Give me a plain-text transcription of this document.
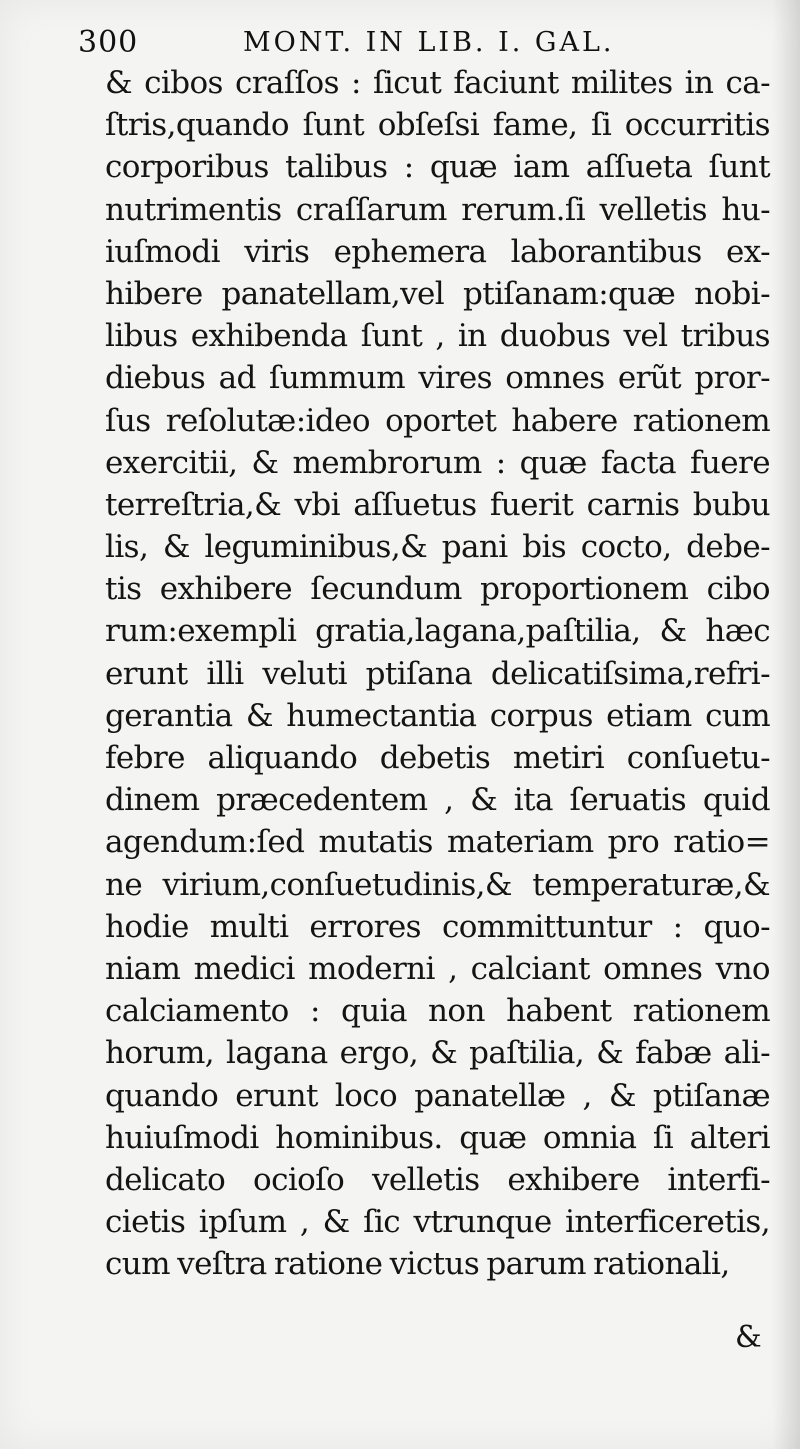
300	MONT. IN LIB. I. GAL.
& cibos craſſos : ſicut faciunt milites in ca-
ſtris,quando ſunt obſeſsi fame, ſi occurritis
corporibus talibus : quæ iam aſſueta ſunt
nutrimentis craſſarum rerum.ſi velletis hu-
iuſmodi viris ephemera laborantibus ex-
hibere panatellam,vel ptiſanam:quæ nobi-
libus exhibenda ſunt , in duobus vel tribus
diebus ad ſummum vires omnes erũt pror-
ſus reſolutæ:ideo oportet habere rationem
exercitii, & membrorum : quæ facta fuere
terreſtria,& vbi aſſuetus fuerit carnis bubu
lis, & leguminibus,& pani bis cocto, debe-
tis exhibere ſecundum proportionem cibo
rum:exempli gratia,lagana,paſtilia, & hæc
erunt illi veluti ptiſana delicatiſsima,refri-
gerantia & humectantia corpus etiam cum
febre aliquando debetis metiri conſuetu-
dinem præcedentem , & ita ſeruatis quid
agendum:ſed mutatis materiam pro ratio=
ne virium,conſuetudinis,& temperaturæ,&
hodie multi errores committuntur : quo-
niam medici moderni , calciant omnes vno
calciamento : quia non habent rationem
horum, lagana ergo, & paſtilia, & fabæ ali-
quando erunt loco panatellæ , & ptiſanæ
huiuſmodi hominibus. quæ omnia ſi alteri
delicato ocioſo velletis exhibere interfi-
cietis ipſum , & ſic vtrunque interficeretis,
cum veſtra ratione victus parum rationali,
&
